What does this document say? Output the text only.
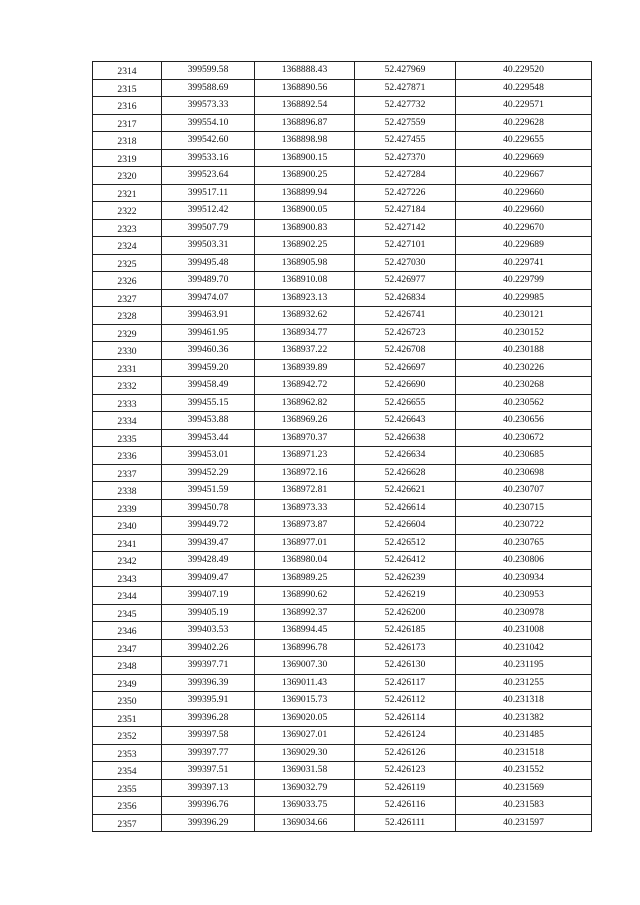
2314	399599.58	1368888.43	52.427969	40.229520
2315	399588.69	1368890.56	52.427871	40.229548
2316	399573.33	1368892.54	52.427732	40.229571
2317	399554.10	1368896.87	52.427559	40.229628
2318	399542.60	1368898.98	52.427455	40.229655
2319	399533.16	1368900.15	52.427370	40.229669
2320	399523.64	1368900.25	52.427284	40.229667
2321	399517.11	1368899.94	52.427226	40.229660
2322	399512.42	1368900.05	52.427184	40.229660
2323	399507.79	1368900.83	52.427142	40.229670
2324	399503.31	1368902.25	52.427101	40.229689
2325	399495.48	1368905.98	52.427030	40.229741
2326	399489.70	1368910.08	52.426977	40.229799
2327	399474.07	1368923.13	52.426834	40.229985
2328	399463.91	1368932.62	52.426741	40.230121
2329	399461.95	1368934.77	52.426723	40.230152
2330	399460.36	1368937.22	52.426708	40.230188
2331	399459.20	1368939.89	52.426697	40.230226
2332	399458.49	1368942.72	52.426690	40.230268
2333	399455.15	1368962.82	52.426655	40.230562
2334	399453.88	1368969.26	52.426643	40.230656
2335	399453.44	1368970.37	52.426638	40.230672
2336	399453.01	1368971.23	52.426634	40.230685
2337	399452.29	1368972.16	52.426628	40.230698
2338	399451.59	1368972.81	52.426621	40.230707
2339	399450.78	1368973.33	52.426614	40.230715
2340	399449.72	1368973.87	52.426604	40.230722
2341	399439.47	1368977.01	52.426512	40.230765
2342	399428.49	1368980.04	52.426412	40.230806
2343	399409.47	1368989.25	52.426239	40.230934
2344	399407.19	1368990.62	52.426219	40.230953
2345	399405.19	1368992.37	52.426200	40.230978
2346	399403.53	1368994.45	52.426185	40.231008
2347	399402.26	1368996.78	52.426173	40.231042
2348	399397.71	1369007.30	52.426130	40.231195
2349	399396.39	1369011.43	52.426117	40.231255
2350	399395.91	1369015.73	52.426112	40.231318
2351	399396.28	1369020.05	52.426114	40.231382
2352	399397.58	1369027.01	52.426124	40.231485
2353	399397.77	1369029.30	52.426126	40.231518
2354	399397.51	1369031.58	52.426123	40.231552
2355	399397.13	1369032.79	52.426119	40.231569
2356	399396.76	1369033.75	52.426116	40.231583
2357	399396.29	1369034.66	52.426111	40.231597
